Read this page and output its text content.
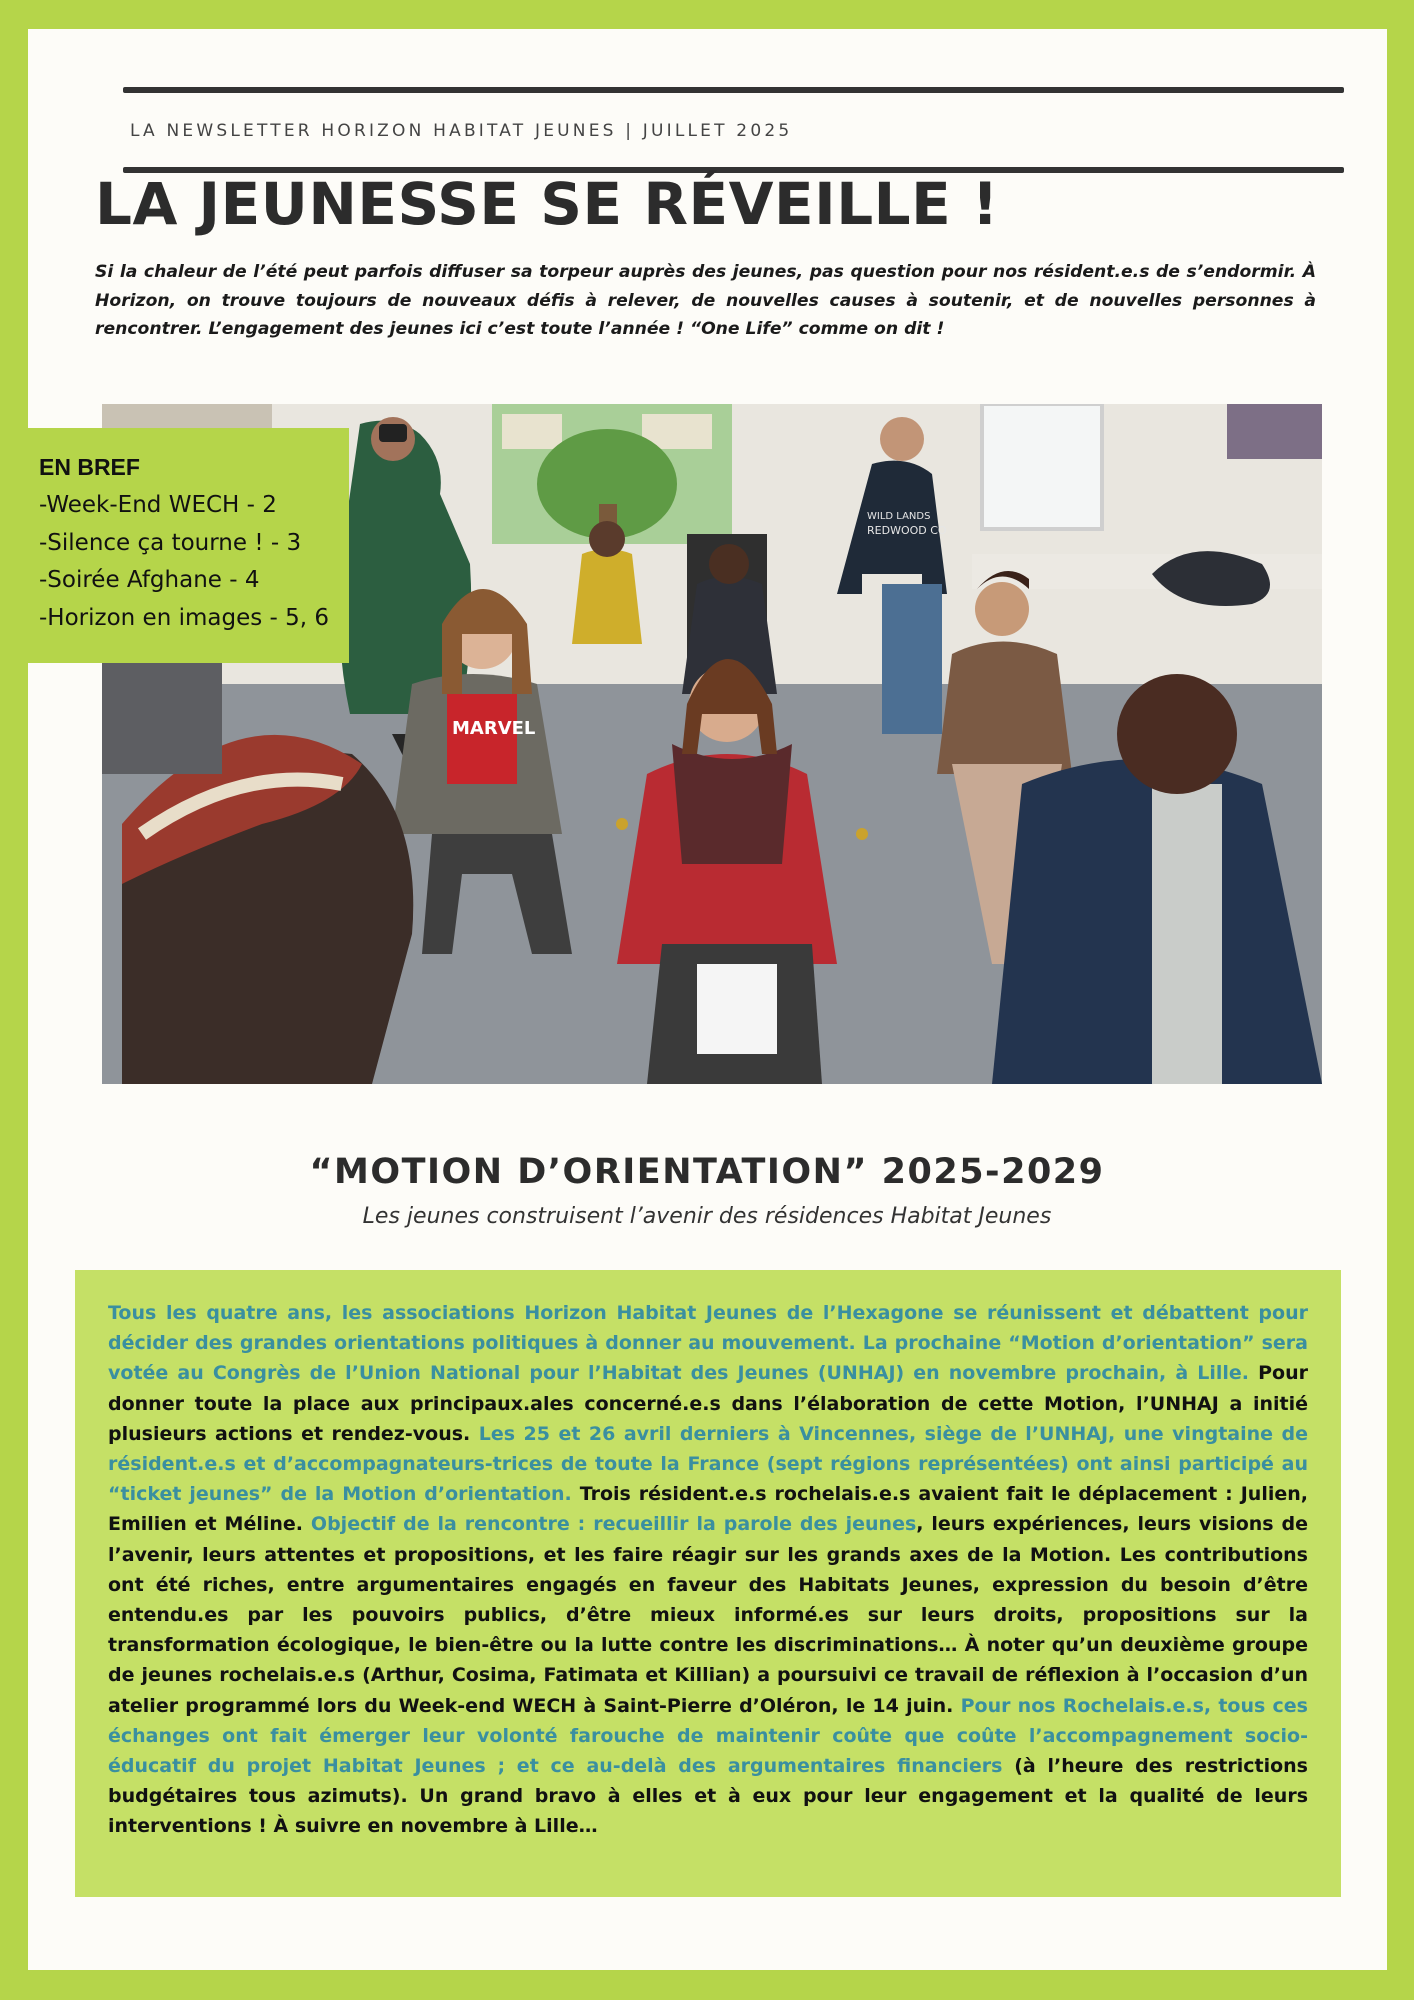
LA NEWSLETTER HORIZON HABITAT JEUNES | JUILLET 2025
LA JEUNESSE SE RÉVEILLE !

Si la chaleur de l’été peut parfois diffuser sa torpeur auprès des jeunes, pas question pour nos résident.e.s de s’endormir. À Horizon, on trouve toujours de nouveaux défis à relever, de nouvelles causes à soutenir, et de nouvelles personnes à rencontrer. L’engagement des jeunes ici c’est toute l’année ! “One Life” comme on dit !

WILD LANDS
REDWOOD CO
MARVEL
EN BREF
-Week-End WECH - 2
-Silence ça tourne ! - 3
-Soirée Afghane - 4
-Horizon en images - 5, 6
“MOTION D’ORIENTATION” 2025-2029
Les jeunes construisent l’avenir des résidences Habitat Jeunes

Tous les quatre ans, les associations Horizon Habitat Jeunes de l’Hexagone se réunissent et débattent pour décider des grandes orientations politiques à donner au mouvement. La prochaine “Motion d’orientation” sera votée au Congrès de l’Union National pour l’Habitat des Jeunes (UNHAJ) en novembre prochain, à Lille. Pour donner toute la place aux principaux.ales concerné.e.s dans l’élaboration de cette Motion, l’UNHAJ a initié plusieurs actions et rendez-vous. Les 25 et 26 avril derniers à Vincennes, siège de l’UNHAJ, une vingtaine de résident.e.s et d’accompagnateurs-trices de toute la France (sept régions représentées) ont ainsi participé au “ticket jeunes” de la Motion d’orientation. Trois résident.e.s rochelais.e.s avaient fait le déplacement : Julien, Emilien et Méline. Objectif de la rencontre : recueillir la parole des jeunes, leurs expériences, leurs visions de l’avenir, leurs attentes et propositions, et les faire réagir sur les grands axes de la Motion. Les contributions ont été riches, entre argumentaires engagés en faveur des Habitats Jeunes, expression du besoin d’être entendu.es par les pouvoirs publics, d’être mieux informé.es sur leurs droits, propositions sur la transformation écologique, le bien-être ou la lutte contre les discriminations… À noter qu’un deuxième groupe de jeunes rochelais.e.s (Arthur, Cosima, Fatimata et Killian) a poursuivi ce travail de réflexion à l’occasion d’un atelier programmé lors du Week-end WECH à Saint-Pierre d’Oléron, le 14 juin. Pour nos Rochelais.e.s, tous ces échanges ont fait émerger leur volonté farouche de maintenir coûte que coûte l’accompagnement socio-éducatif du projet Habitat Jeunes ; et ce au-delà des argumentaires financiers (à l’heure des restrictions budgétaires tous azimuts). Un grand bravo à elles et à eux pour leur engagement et la qualité de leurs interventions ! À suivre en novembre à Lille…
